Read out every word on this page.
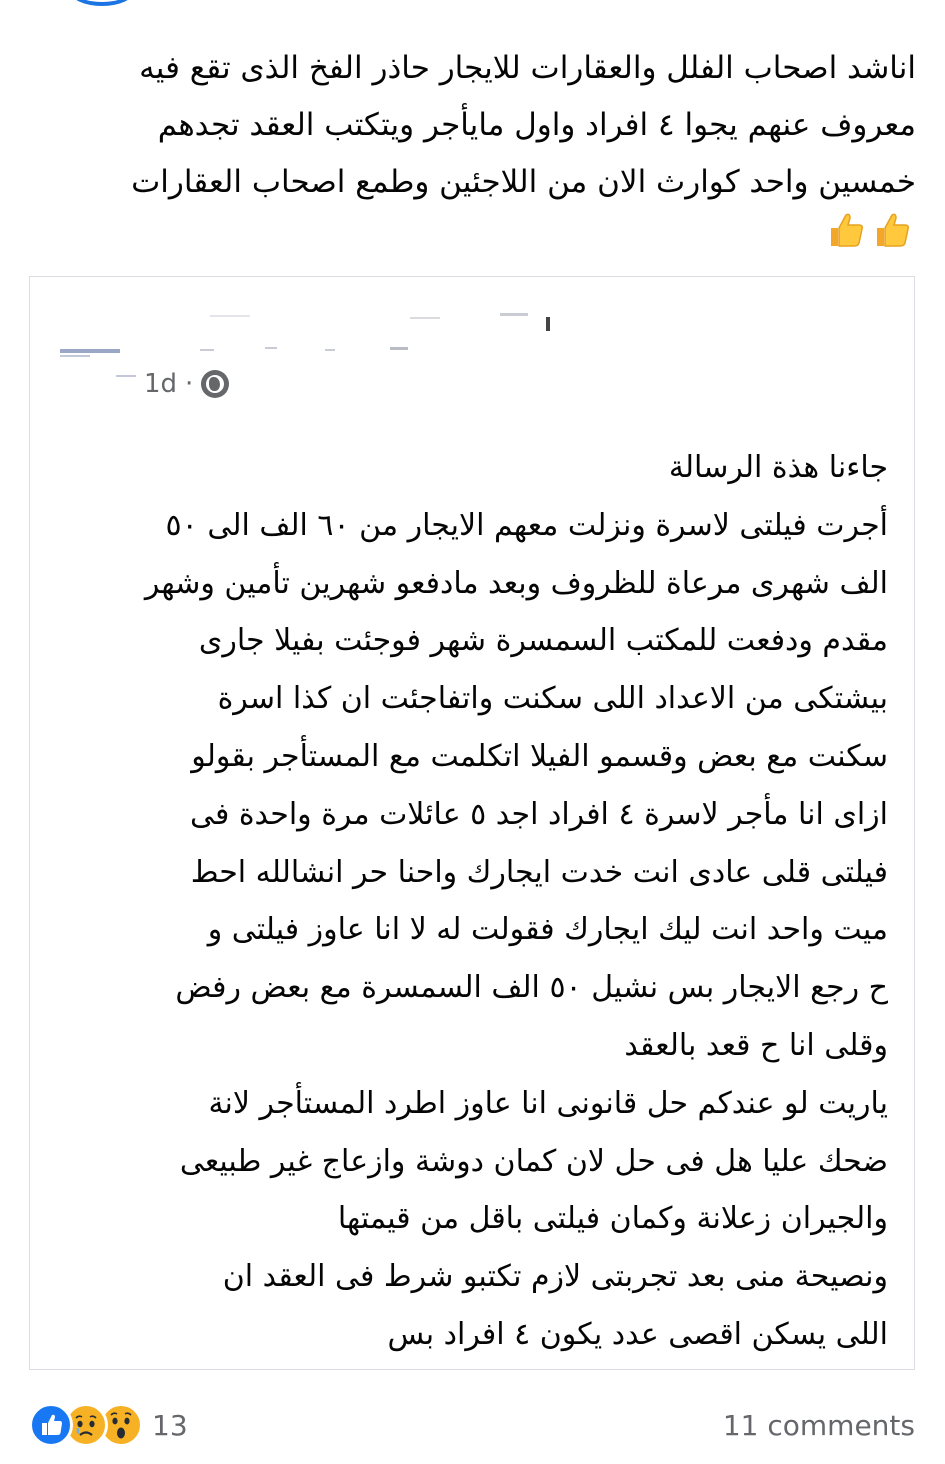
اناشد اصحاب الفلل والعقارات للايجار حاذر الفخ الذى تقع فيه

معروف عنهم يجوا ٤ افراد واول مايأجر ويتكتب العقد تجدهم

خمسين واحد كوارث الان من اللاجئين وطمع اصحاب العقارات

1d ·

جاءنا هذة الرسالة

أجرت فيلتى لاسرة ونزلت معهم الايجار من ٦٠ الف الى ٥٠

الف شهرى مرعاة للظروف وبعد مادفعو شهرين تأمين وشهر

مقدم ودفعت للمكتب السمسرة شهر فوجئت بفيلا جارى

بيشتكى من الاعداد اللى سكنت واتفاجئت ان كذا اسرة

سكنت مع بعض وقسمو الفيلا اتكلمت مع المستأجر بقولو

ازاى انا مأجر لاسرة ٤ افراد اجد ٥ عائلات مرة واحدة فى

فيلتى قلى عادى انت خدت ايجارك واحنا حر انشالله احط

ميت واحد انت ليك ايجارك فقولت له لا انا عاوز فيلتى و

ح رجع الايجار بس نشيل ٥٠ الف السمسرة مع بعض رفض

وقلى انا ح قعد بالعقد

ياريت لو عندكم حل قانونى انا عاوز اطرد المستأجر لانة

ضحك عليا هل فى حل لان كمان دوشة وازعاج غير طبيعى

والجيران زعلانة وكمان فيلتى باقل من قيمتها

ونصيحة منى بعد تجربتى لازم تكتبو شرط فى العقد ان

اللى يسكن اقصى عدد يكون ٤ افراد بس

13	11 comments
